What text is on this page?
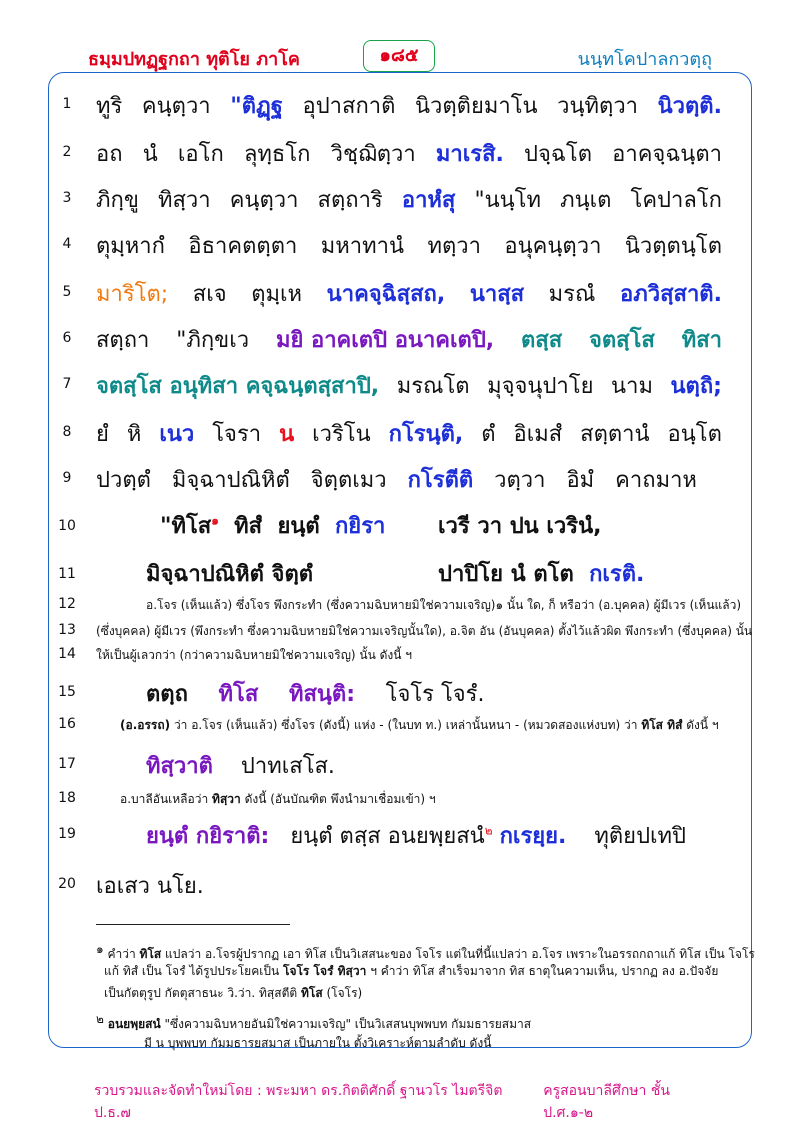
ธมฺมปทฏฺฐกถา ทุติโย ภาโค	๑๘๕	นนฺทโคปาลกวตฺถุ
1
2
3
4
5
6
7
8
9
10
11
12
13
14
15
16
17
18
19
20
ทูริ คนฺตฺวา "ติฏฺฐ อุปาสกาติ นิวตฺติยมาโน วนฺทิตฺวา นิวตฺติ.
อถ นํ เอโก ลุทฺธโก วิชฺฌิตฺวา มาเรสิ. ปจฺฉโต อาคจฺฉนฺตา
ภิกฺขู ทิสฺวา คนฺตฺวา สตฺถาริ อาหํสุ "นนฺโท ภนฺเต โคปาลโก
ตุมฺหากํ อิธาคตตฺตา มหาทานํ ทตฺวา อนุคนฺตฺวา นิวตฺตนฺโต
มาริโต; สเจ ตุมฺเห นาคจฺฉิสฺสถ, นาสฺส มรณํ อภวิสฺสาติ.
สตฺถา "ภิกฺขเว มยิ อาคเตปิ อนาคเตปิ, ตสฺส จตสฺโส ทิสา
จตสฺโส อนุทิสา คจฺฉนฺตสฺสาปิ, มรณโต มุจฺจนุปาโย นาม นตฺถิ;
ยํ หิ เนว โจรา น เวริโน กโรนฺติ, ตํ อิเมสํ สตฺตานํ อนฺโต
ปวตฺตํ มิจฺฉาปณิหิตํ จิตฺตเมว กโรตีติ วตฺวา อิมํ คาถมาห
"ทิโส$^๑$ ทิสํ ยนฺตํ กยิรา เวรี วา ปน เวรินํ,
มิจฺฉาปณิหิตํ จิตฺตํ	ปาปิโย นํ ตโต กเรติ.
อ.โจร (เห็นแล้ว) ซึ่งโจร พึงกระทำ (ซึ่งความฉิบหายมิใช่ความเจริญ)๑ นั้น ใด, ก็ หรือว่า (อ.บุคคล) ผู้มีเวร (เห็นแล้ว)
(ซึ่งบุคคล) ผู้มีเวร (พึงกระทำ ซึ่งความฉิบหายมิใช่ความเจริญนั้นใด), อ.จิต อัน (อันบุคคล) ตั้งไว้แล้วผิด พึงกระทำ (ซึ่งบุคคล) นั้น
ให้เป็นผู้เลวกว่า (กว่าความฉิบหายมิใช่ความเจริญ) นั้น ดังนี้ ฯ
ตตฺถ ทิโส ทิสนฺติ: โจโร โจรํ.
(อ.อรรถ) ว่า อ.โจร (เห็นแล้ว) ซึ่งโจร (ดังนี้) แห่ง - (ในบท ท.) เหล่านั้นหนา - (หมวดสองแห่งบท) ว่า ทิโส ทิสํ ดังนี้ ฯ
ทิสฺวาติ ปาทเสโส.
อ.บาลีอันเหลือว่า ทิสฺวา ดังนี้ (อันบัณฑิต พึงนำมาเชื่อมเข้า) ฯ
ยนฺตํ กยิราติ: ยนฺตํ ตสฺส อนยพฺยสนํ$^๒$ กเรยฺย. ทุติยปเทปิ
เอเสว นโย.
๑ คำว่า ทิโส แปลว่า อ.โจรผู้ปรากฏ เอา ทิโส เป็นวิเสสนะของ โจโร แต่ในที่นี้แปลว่า อ.โจร เพราะในอรรถกถาแก้ ทิโส เป็น โจโร
แก้ ทิสํ เป็น โจรํ ได้รูปประโยคเป็น โจโร โจรํ ทิสฺวา ฯ คำว่า ทิโส สำเร็จมาจาก ทิส ธาตุในความเห็น, ปรากฏ ลง อ.ปัจจัย
เป็นกัตตุรูป กัตตุสาธนะ วิ.ว่า. ทิสฺสตีติ ทิโส (โจโร)
๒ อนยพฺยสนํ "ซึ่งความฉิบหายอันมิใช่ความเจริญ" เป็นวิเสสนบุพพบท กัมมธารยสมาส
มี น บุพพบท กัมมธารยสมาส เป็นภายใน ตั้งวิเคราะห์ตามลำดับ ดังนี้
รวบรวมและจัดทำใหม่โดย : พระมหา ดร.กิตติศักดิ์ ฐานวโร ไมตรีจิต ป.ธ.๗
ครูสอนบาลีศึกษา ชั้น ป.ศ.๑-๒
